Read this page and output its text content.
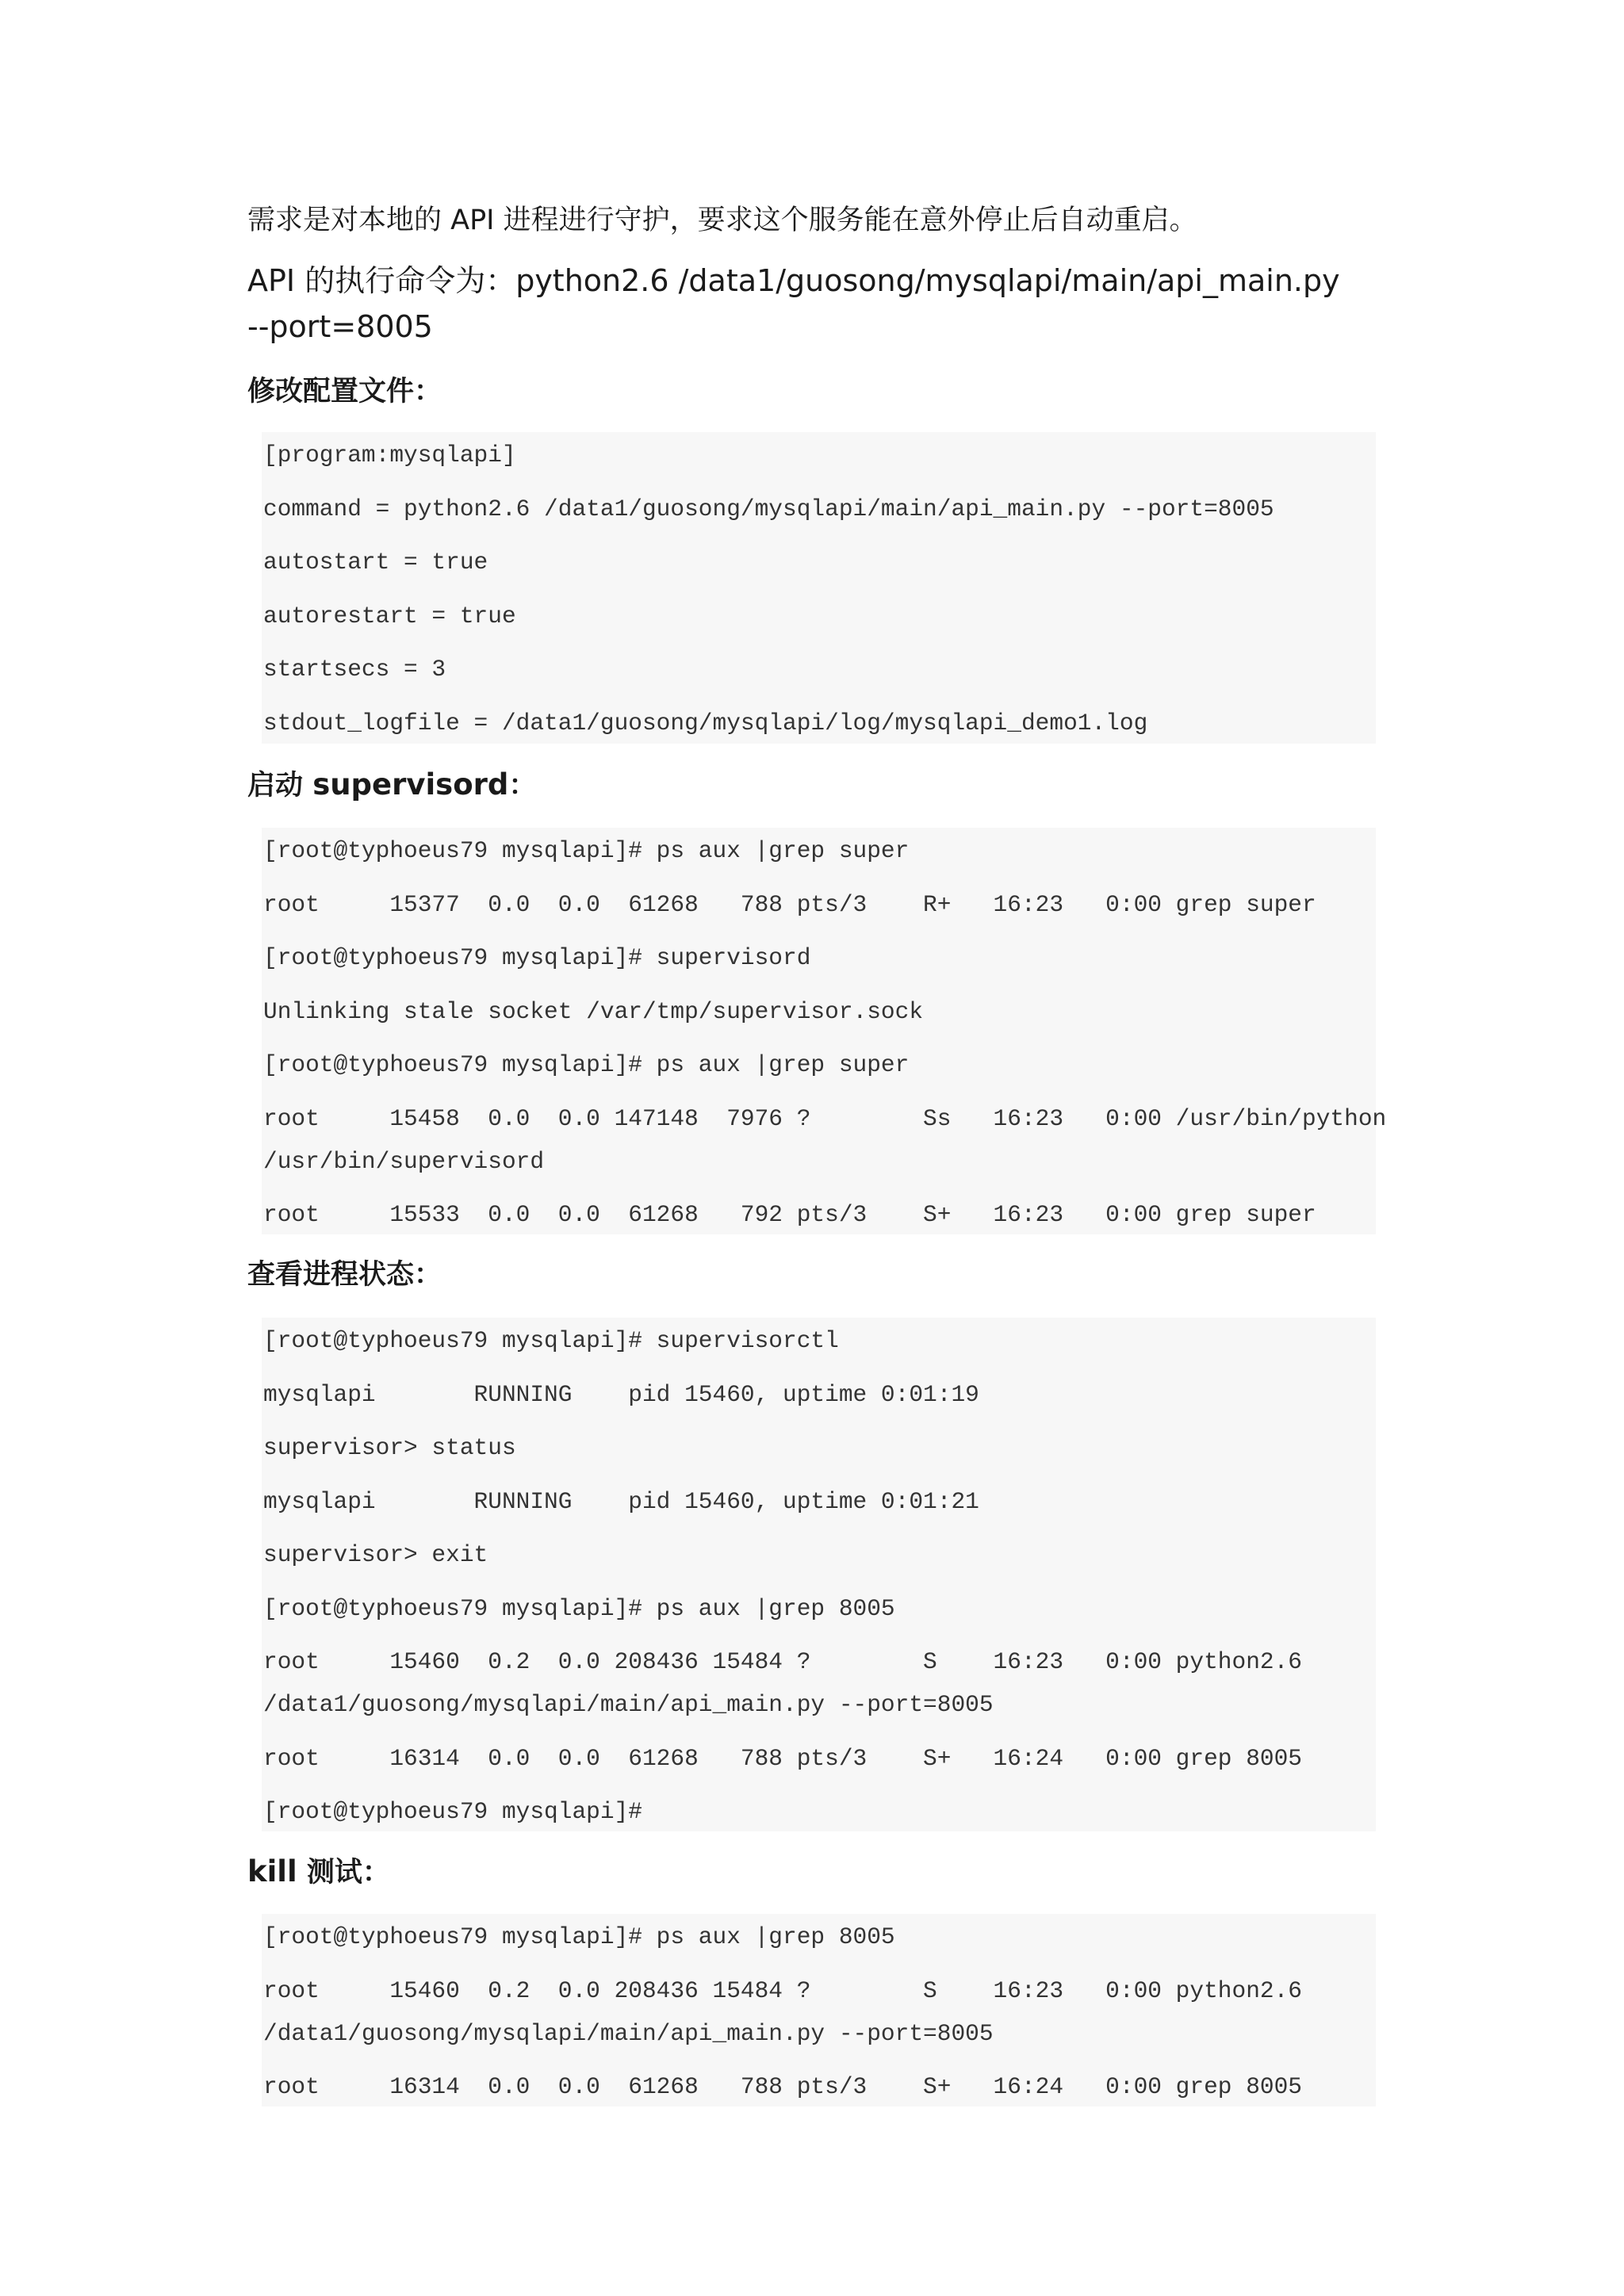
需求是对本地的 API 进程进行守护，要求这个服务能在意外停止后自动重启。

API 的执行命令为：python2.6 /data1/guosong/mysqlapi/main/api_main.py

--port=8005

修改配置文件：

[program:mysqlapi]
command = python2.6 /data1/guosong/mysqlapi/main/api_main.py --port=8005
autostart = true
autorestart = true
startsecs = 3
stdout_logfile = /data1/guosong/mysqlapi/log/mysqlapi_demo1.log

启动 supervisord：

[root@typhoeus79 mysqlapi]# ps aux |grep super
root     15377  0.0  0.0  61268   788 pts/3    R+   16:23   0:00 grep super
[root@typhoeus79 mysqlapi]# supervisord
Unlinking stale socket /var/tmp/supervisor.sock
[root@typhoeus79 mysqlapi]# ps aux |grep super
root     15458  0.0  0.0 147148  7976 ?        Ss   16:23   0:00 /usr/bin/python
/usr/bin/supervisord
root     15533  0.0  0.0  61268   792 pts/3    S+   16:23   0:00 grep super

查看进程状态：

[root@typhoeus79 mysqlapi]# supervisorctl
mysqlapi       RUNNING    pid 15460, uptime 0:01:19
supervisor> status
mysqlapi       RUNNING    pid 15460, uptime 0:01:21
supervisor> exit
[root@typhoeus79 mysqlapi]# ps aux |grep 8005
root     15460  0.2  0.0 208436 15484 ?        S    16:23   0:00 python2.6
/data1/guosong/mysqlapi/main/api_main.py --port=8005
root     16314  0.0  0.0  61268   788 pts/3    S+   16:24   0:00 grep 8005
[root@typhoeus79 mysqlapi]#

kill 测试：

[root@typhoeus79 mysqlapi]# ps aux |grep 8005
root     15460  0.2  0.0 208436 15484 ?        S    16:23   0:00 python2.6
/data1/guosong/mysqlapi/main/api_main.py --port=8005
root     16314  0.0  0.0  61268   788 pts/3    S+   16:24   0:00 grep 8005
